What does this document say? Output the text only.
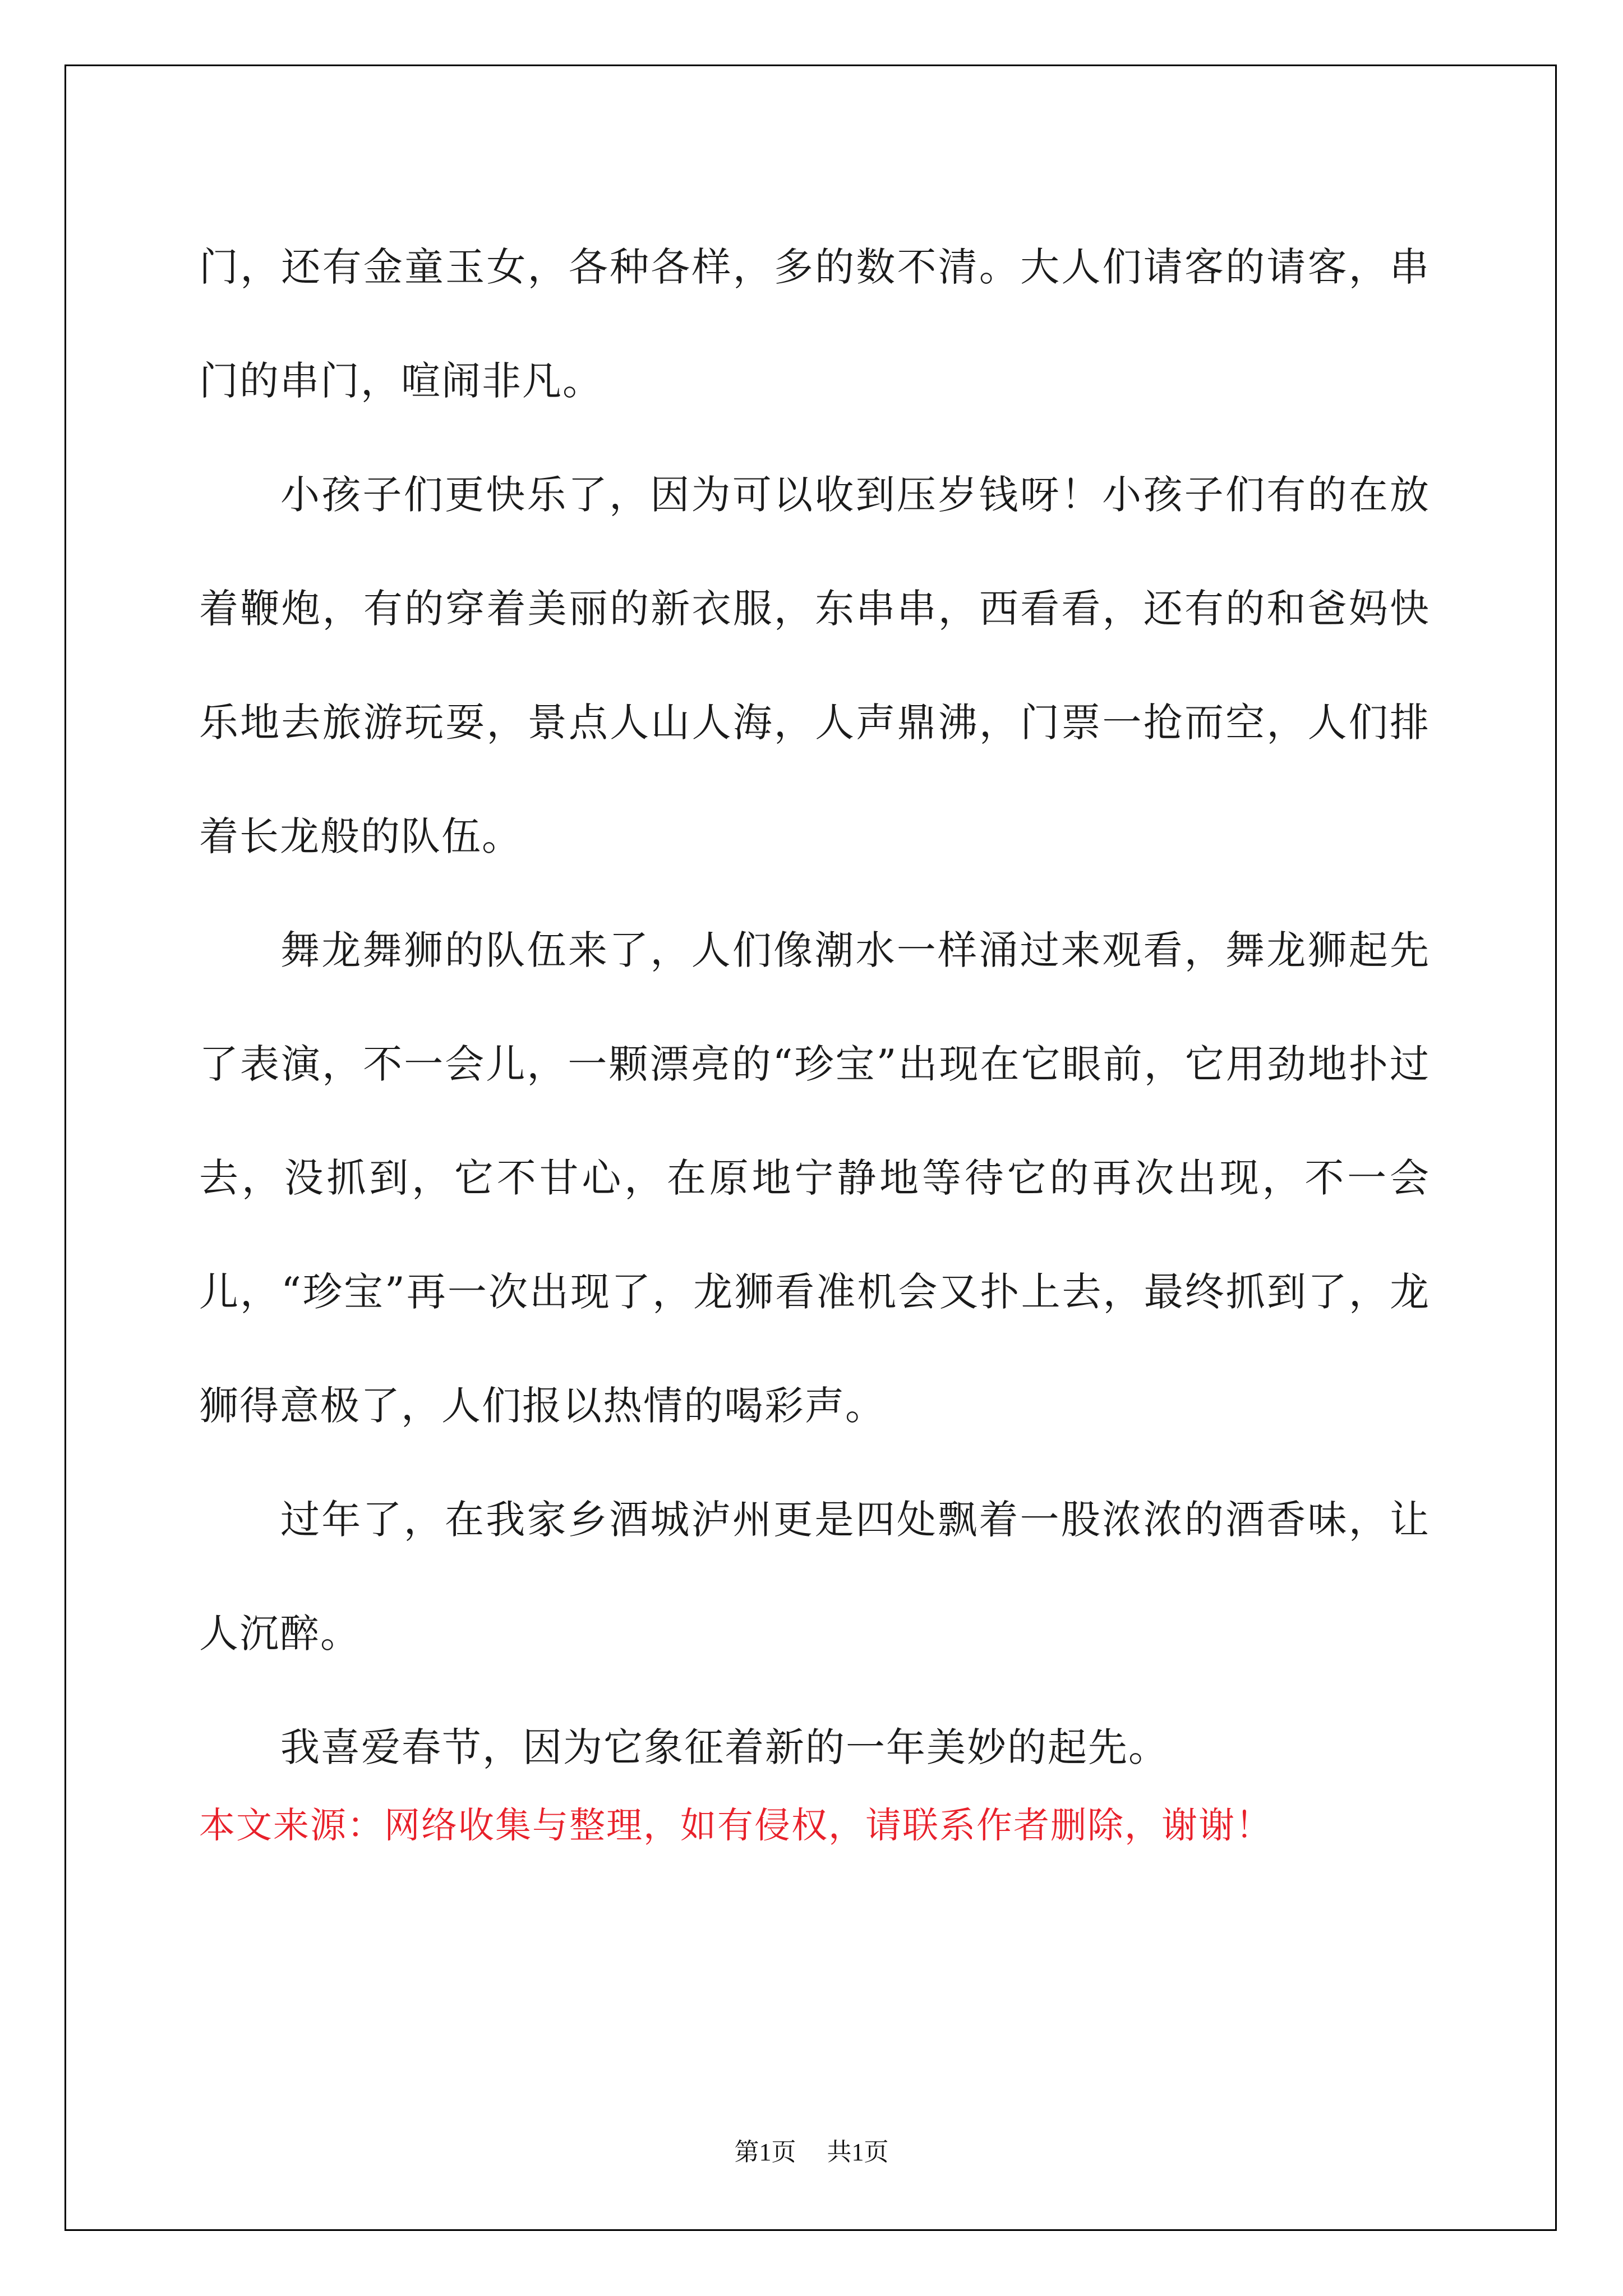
门，还有金童玉女，各种各样，多的数不清。大人们请客的请客，串门的串门，喧闹非凡。

小孩子们更快乐了，因为可以收到压岁钱呀！小孩子们有的在放着鞭炮，有的穿着美丽的新衣服，东串串，西看看，还有的和爸妈快乐地去旅游玩耍，景点人山人海，人声鼎沸，门票一抢而空，人们排着长龙般的队伍。

舞龙舞狮的队伍来了，人们像潮水一样涌过来观看，舞龙狮起先了表演，不一会儿，一颗漂亮的“珍宝”出现在它眼前，它用劲地扑过去，没抓到，它不甘心，在原地宁静地等待它的再次出现，不一会儿，“珍宝”再一次出现了，龙狮看准机会又扑上去，最终抓到了，龙狮得意极了，人们报以热情的喝彩声。

过年了，在我家乡酒城泸州更是四处飘着一股浓浓的酒香味，让人沉醉。

我喜爱春节，因为它象征着新的一年美妙的起先。

本文来源：网络收集与整理，如有侵权，请联系作者删除，谢谢！
第1页 共1页
